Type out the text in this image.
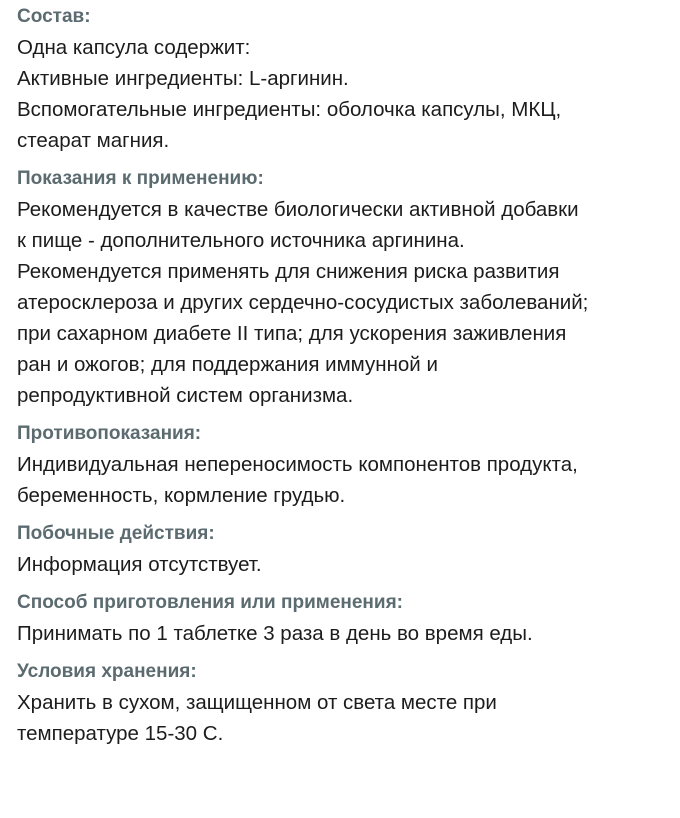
Состав:

Одна капсула содержит:

Активные ингредиенты: L-аргинин.

Вспомогательные ингредиенты: оболочка капсулы, МКЦ,

стеарат магния.

Показания к применению:

Рекомендуется в качестве биологически активной добавки

к пище - дополнительного источника аргинина.

Рекомендуется применять для снижения риска развития

атеросклероза и других сердечно-сосудистых заболеваний;

при сахарном диабете II типа; для ускорения заживления

ран и ожогов; для поддержания иммунной и

репродуктивной систем организма.

Противопоказания:

Индивидуальная непереносимость компонентов продукта,

беременность, кормление грудью.

Побочные действия:

Информация отсутствует.

Способ приготовления или применения:

Принимать по 1 таблетке 3 раза в день во время еды.

Условия хранения:

Хранить в сухом, защищенном от света месте при

температуре 15-30 С.
